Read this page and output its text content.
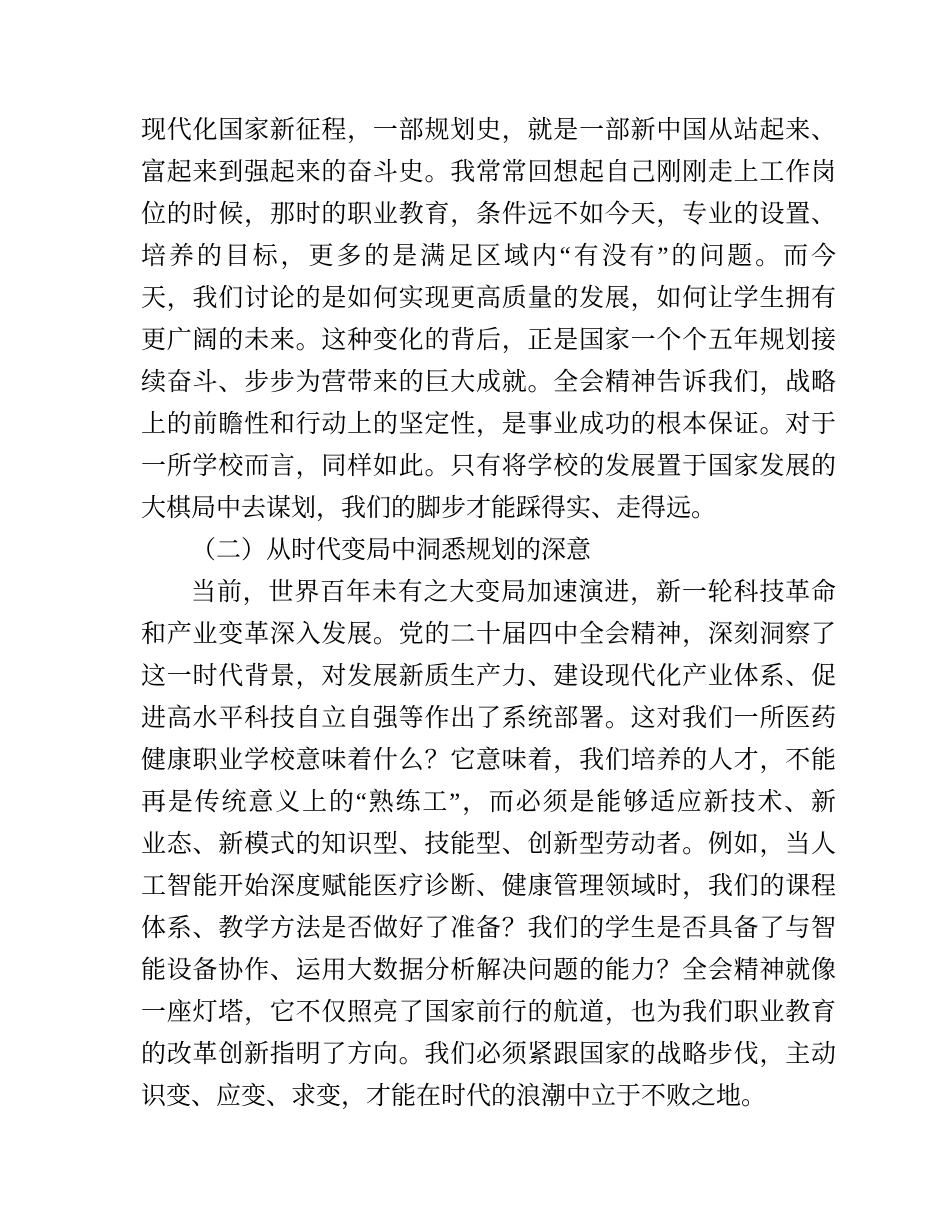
现代化国家新征程，一部规划史，就是一部新中国从站起来、
富起来到强起来的奋斗史。我常常回想起自己刚刚走上工作岗
位的时候，那时的职业教育，条件远不如今天，专业的设置、
培养的目标，更多的是满足区域内“有没有”的问题。而今
天，我们讨论的是如何实现更高质量的发展，如何让学生拥有
更广阔的未来。这种变化的背后，正是国家一个个五年规划接
续奋斗、步步为营带来的巨大成就。全会精神告诉我们，战略
上的前瞻性和行动上的坚定性，是事业成功的根本保证。对于
一所学校而言，同样如此。只有将学校的发展置于国家发展的
大棋局中去谋划，我们的脚步才能踩得实、走得远。
（二）从时代变局中洞悉规划的深意
当前，世界百年未有之大变局加速演进，新一轮科技革命
和产业变革深入发展。党的二十届四中全会精神，深刻洞察了
这一时代背景，对发展新质生产力、建设现代化产业体系、促
进高水平科技自立自强等作出了系统部署。这对我们一所医药
健康职业学校意味着什么？它意味着，我们培养的人才，不能
再是传统意义上的“熟练工”，而必须是能够适应新技术、新
业态、新模式的知识型、技能型、创新型劳动者。例如，当人
工智能开始深度赋能医疗诊断、健康管理领域时，我们的课程
体系、教学方法是否做好了准备？我们的学生是否具备了与智
能设备协作、运用大数据分析解决问题的能力？全会精神就像
一座灯塔，它不仅照亮了国家前行的航道，也为我们职业教育
的改革创新指明了方向。我们必须紧跟国家的战略步伐，主动
识变、应变、求变，才能在时代的浪潮中立于不败之地。
